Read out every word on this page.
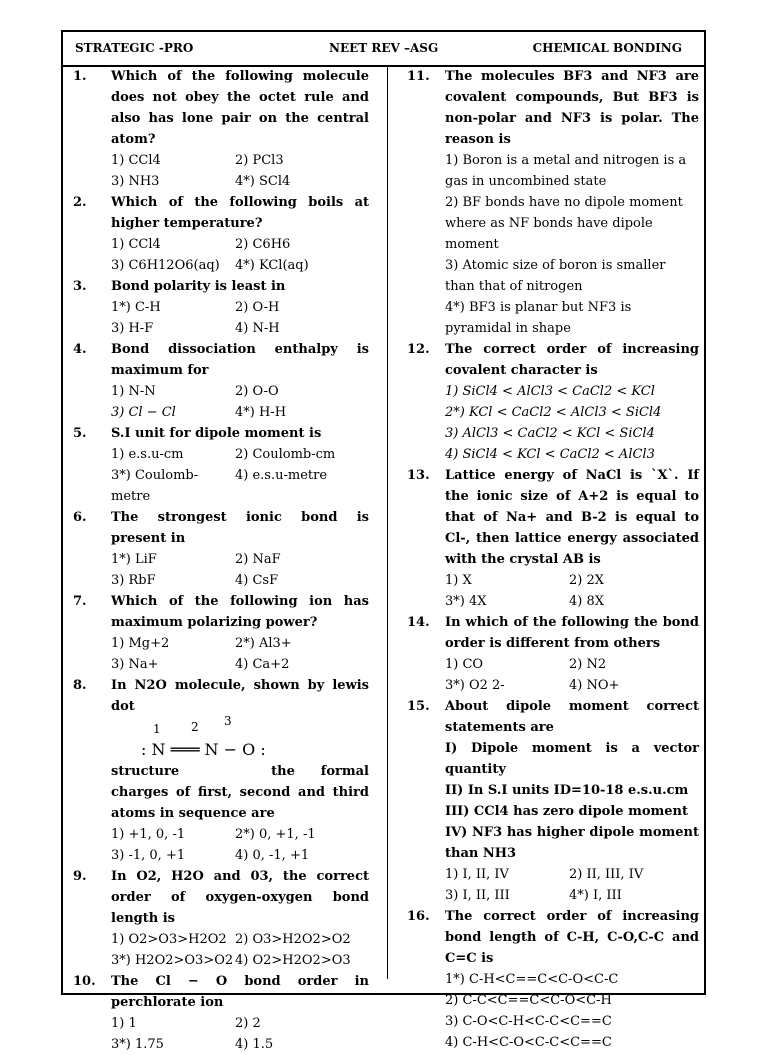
STRATEGIC -PRO	NEET REV –ASG	CHEMICAL BONDING
1. Which of the following molecule does not obey the octet rule and also has lone pair on the central atom?
1) CCl4	2) PCl3
3) NH3	4*) SCl4
2. Which of the following boils at higher temperature?
1) CCl4	2) C6H6
3) C6H12O6(aq)	4*) KCl(aq)
3. Bond polarity is least in
1*) C-H	2) O-H
3) H-F	4) N-H
4. Bond dissociation enthalpy is maximum for
1) N-N	2) O-O
3) Cl − Cl	4*) H-H
5. S.I unit for dipole moment is
1) e.s.u-cm	2) Coulomb-cm
3*) Coulomb-metre
4) e.s.u-metre
6. The strongest ionic bond is present in
1*) LiF	2) NaF
3) RbF	4) CsF
7. Which of the following ion has maximum polarizing power?
1) Mg+2	2*) Al3+
3) Na+	4) Ca+2
8. In N2O molecule, shown by lewis dot
1	2 3
: N ═══ N − O :
structure	the formal charges of first, second and third atoms in sequence are
1) +1, 0, -1	2*) 0, +1, -1
3) -1, 0, +1	4) 0, -1, +1
9. In O2, H2O and 03, the correct order of oxygen-oxygen bond length is
1) O2>O3>H2O2 2) O3>H2O2>O2
3*) H2O2>O3>O2 4) O2>H2O2>O3
10. The Cl − O bond order in perchlorate ion
1) 1	2) 2
3*) 1.75	4) 1.5
11. The molecules BF3 and NF3 are covalent compounds, But BF3 is non-polar and NF3 is polar. The reason is
1) Boron is a metal and nitrogen is a gas in uncombined state
2) BF bonds have no dipole moment where as NF bonds have dipole moment
3) Atomic size of boron is smaller than that of nitrogen
4*) BF3 is planar but NF3 is pyramidal in shape
12. The correct order of increasing covalent character is
1) SiCl4 < AlCl3 < CaCl2 < KCl
2*) KCl < CaCl2 < AlCl3 < SiCl4
3) AlCl3 < CaCl2 < KCl < SiCl4
4) SiCl4 < KCl < CaCl2 < AlCl3
13. Lattice energy of NaCl is `X`. If the ionic size of A+2 is equal to that of Na+ and B-2 is equal to Cl-, then lattice energy associated with the crystal AB is
1) X	2) 2X
3*) 4X	4) 8X
14. In which of the following the bond order is different from others
1) CO	2) N2
3*) O2 2-	4) NO+
15. About dipole moment correct statements are
I) Dipole moment is a vector quantity
II) In S.I units ID=10-18 e.s.u.cm
III) CCl4 has zero dipole moment
IV) NF3 has higher dipole moment than NH3
1) I, II, IV	2) II, III, IV
3) I, II, III	4*) I, III
16. The correct order of increasing bond length of C-H, C-O,C-C and C=C is
1*) C-H<C==C<C-O<C-C
2) C-C<C==C<C-O<C-H
3) C-O<C-H<C-C<C==C
4) C-H<C-O<C-C<C==C
